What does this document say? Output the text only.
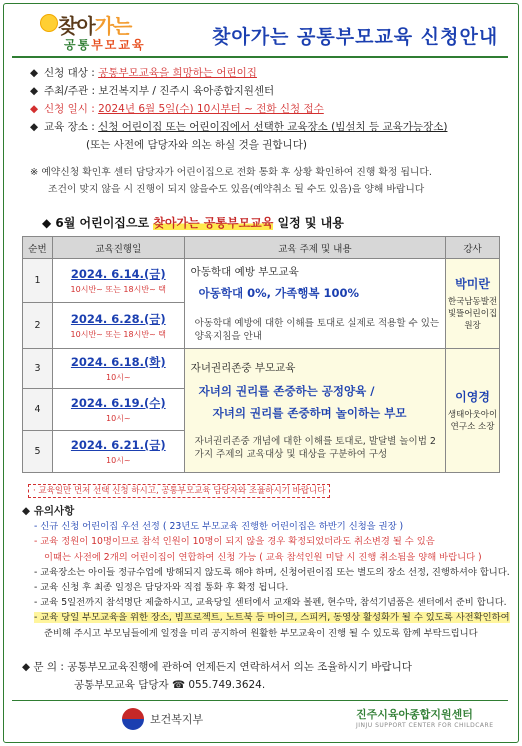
찾아가는
공통부모교육	찾아가는 공통부모교육 신청안내
◆ 신청 대상 : 공통부모교육을 희망하는 어린이집
◆ 주최/주관 : 보건복지부 / 진주시 육아종합지원센터
◆ 신청 일시 : 2024년 6월 5일(수) 10시부터 ~ 전화 신청 접수
◆ 교육 장소 : 신청 어린이집 또는 어린이집에서 선택한 교육장소 (빔설치 등 교육가능장소)
(또는 사전에 담당자와 의논 하실 것을 권합니다)
※ 예약신청 확인후 센터 담당자가 어린이집으로 전화 통화 후 상황 확인하여 진행 확정 됩니다.
조건이 맞지 않을 시 진행이 되지 않을수도 있음(예약취소 될 수도 있음)을 양해 바랍니다
◆ 6월 어린이집으로 찾아가는 공통부모교육 일정 및 내용
순번	교육진행일	교육 주제 및 내용	강사
1	2024. 6.14.(금)
10시반~ 또는 18시반~ 택	아동학대 예방 부모교육
아동학대 0%, 가족행복 100%
아동학대 예방에 대한 이해를 토대로 실제로 적용할 수 있는 양육지침을 안내	박미란
한국남동발전 빛뜰어린이집 원장

2	2024. 6.28.(금)
10시반~ 또는 18시반~ 택		

3	2024. 6.18.(화)
10시~	자녀권리존중 부모교육
자녀의 권리를 존중하는 공정양육 /
자녀의 권리를 존중하며 놀이하는 부모
자녀권리존중 개념에 대한 이해를 토대로, 발달별 놀이법 2가지 주제의 교육대상 및 대상을 구분하여 구성	이영경
생태아웃아이 연구소 소장

4	2024. 6.19.(수)
10시~		

5	2024. 6.21.(금)
10시~		
· 교육일만 먼저 선택 신청 하시고, 공통부모교육 담당자와 조율하시기 바랍니다
◆ 유의사항
- 신규 신청 어린이집 우선 선정 ( 23년도 부모교육 진행한 어린이집은 하반기 신청을 권장 )
- 교육 정원이 10명이므로 참석 인원이 10명이 되지 않을 경우 확정되었더라도 취소변경 될 수 있음
이때는 사전에 2개의 어린이집이 연합하여 신청 가능 ( 교육 참석인원 미달 시 진행 취소됨을 양해 바랍니다 )
- 교육장소는 아이들 정규수업에 방해되지 않도록 해야 하며, 신청어린이집 또는 별도의 장소 선정, 진행하셔야 합니다.
- 교육 신청 후 최종 일정은 담당자와 직접 통화 후 확정 됩니다.
- 교육 5일전까지 참석명단 제출하시고, 교육당일 센터에서 교재와 볼펜, 현수막, 참석기념품은 센터에서 준비 합니다.
- 교육 당일 부모교육을 위한 장소, 빔프로젝트, 노트북 등 마이크, 스피커, 동영상 활성화가 될 수 있도록 사전확인하여
준비해 주시고 부모님들에게 일정을 미리 공지하여 원활한 부모교육이 진행 될 수 있도록 함께 부탁드립니다
◆ 문 의 : 공통부모교육진행에 관하여 언제든지 연락하셔서 의논 조율하시기 바랍니다
공통부모교육 담당자 ☎ 055.749.3624.
보건복지부	진주시육아종합지원센터
JINJU SUPPORT CENTER FOR CHILDCARE
